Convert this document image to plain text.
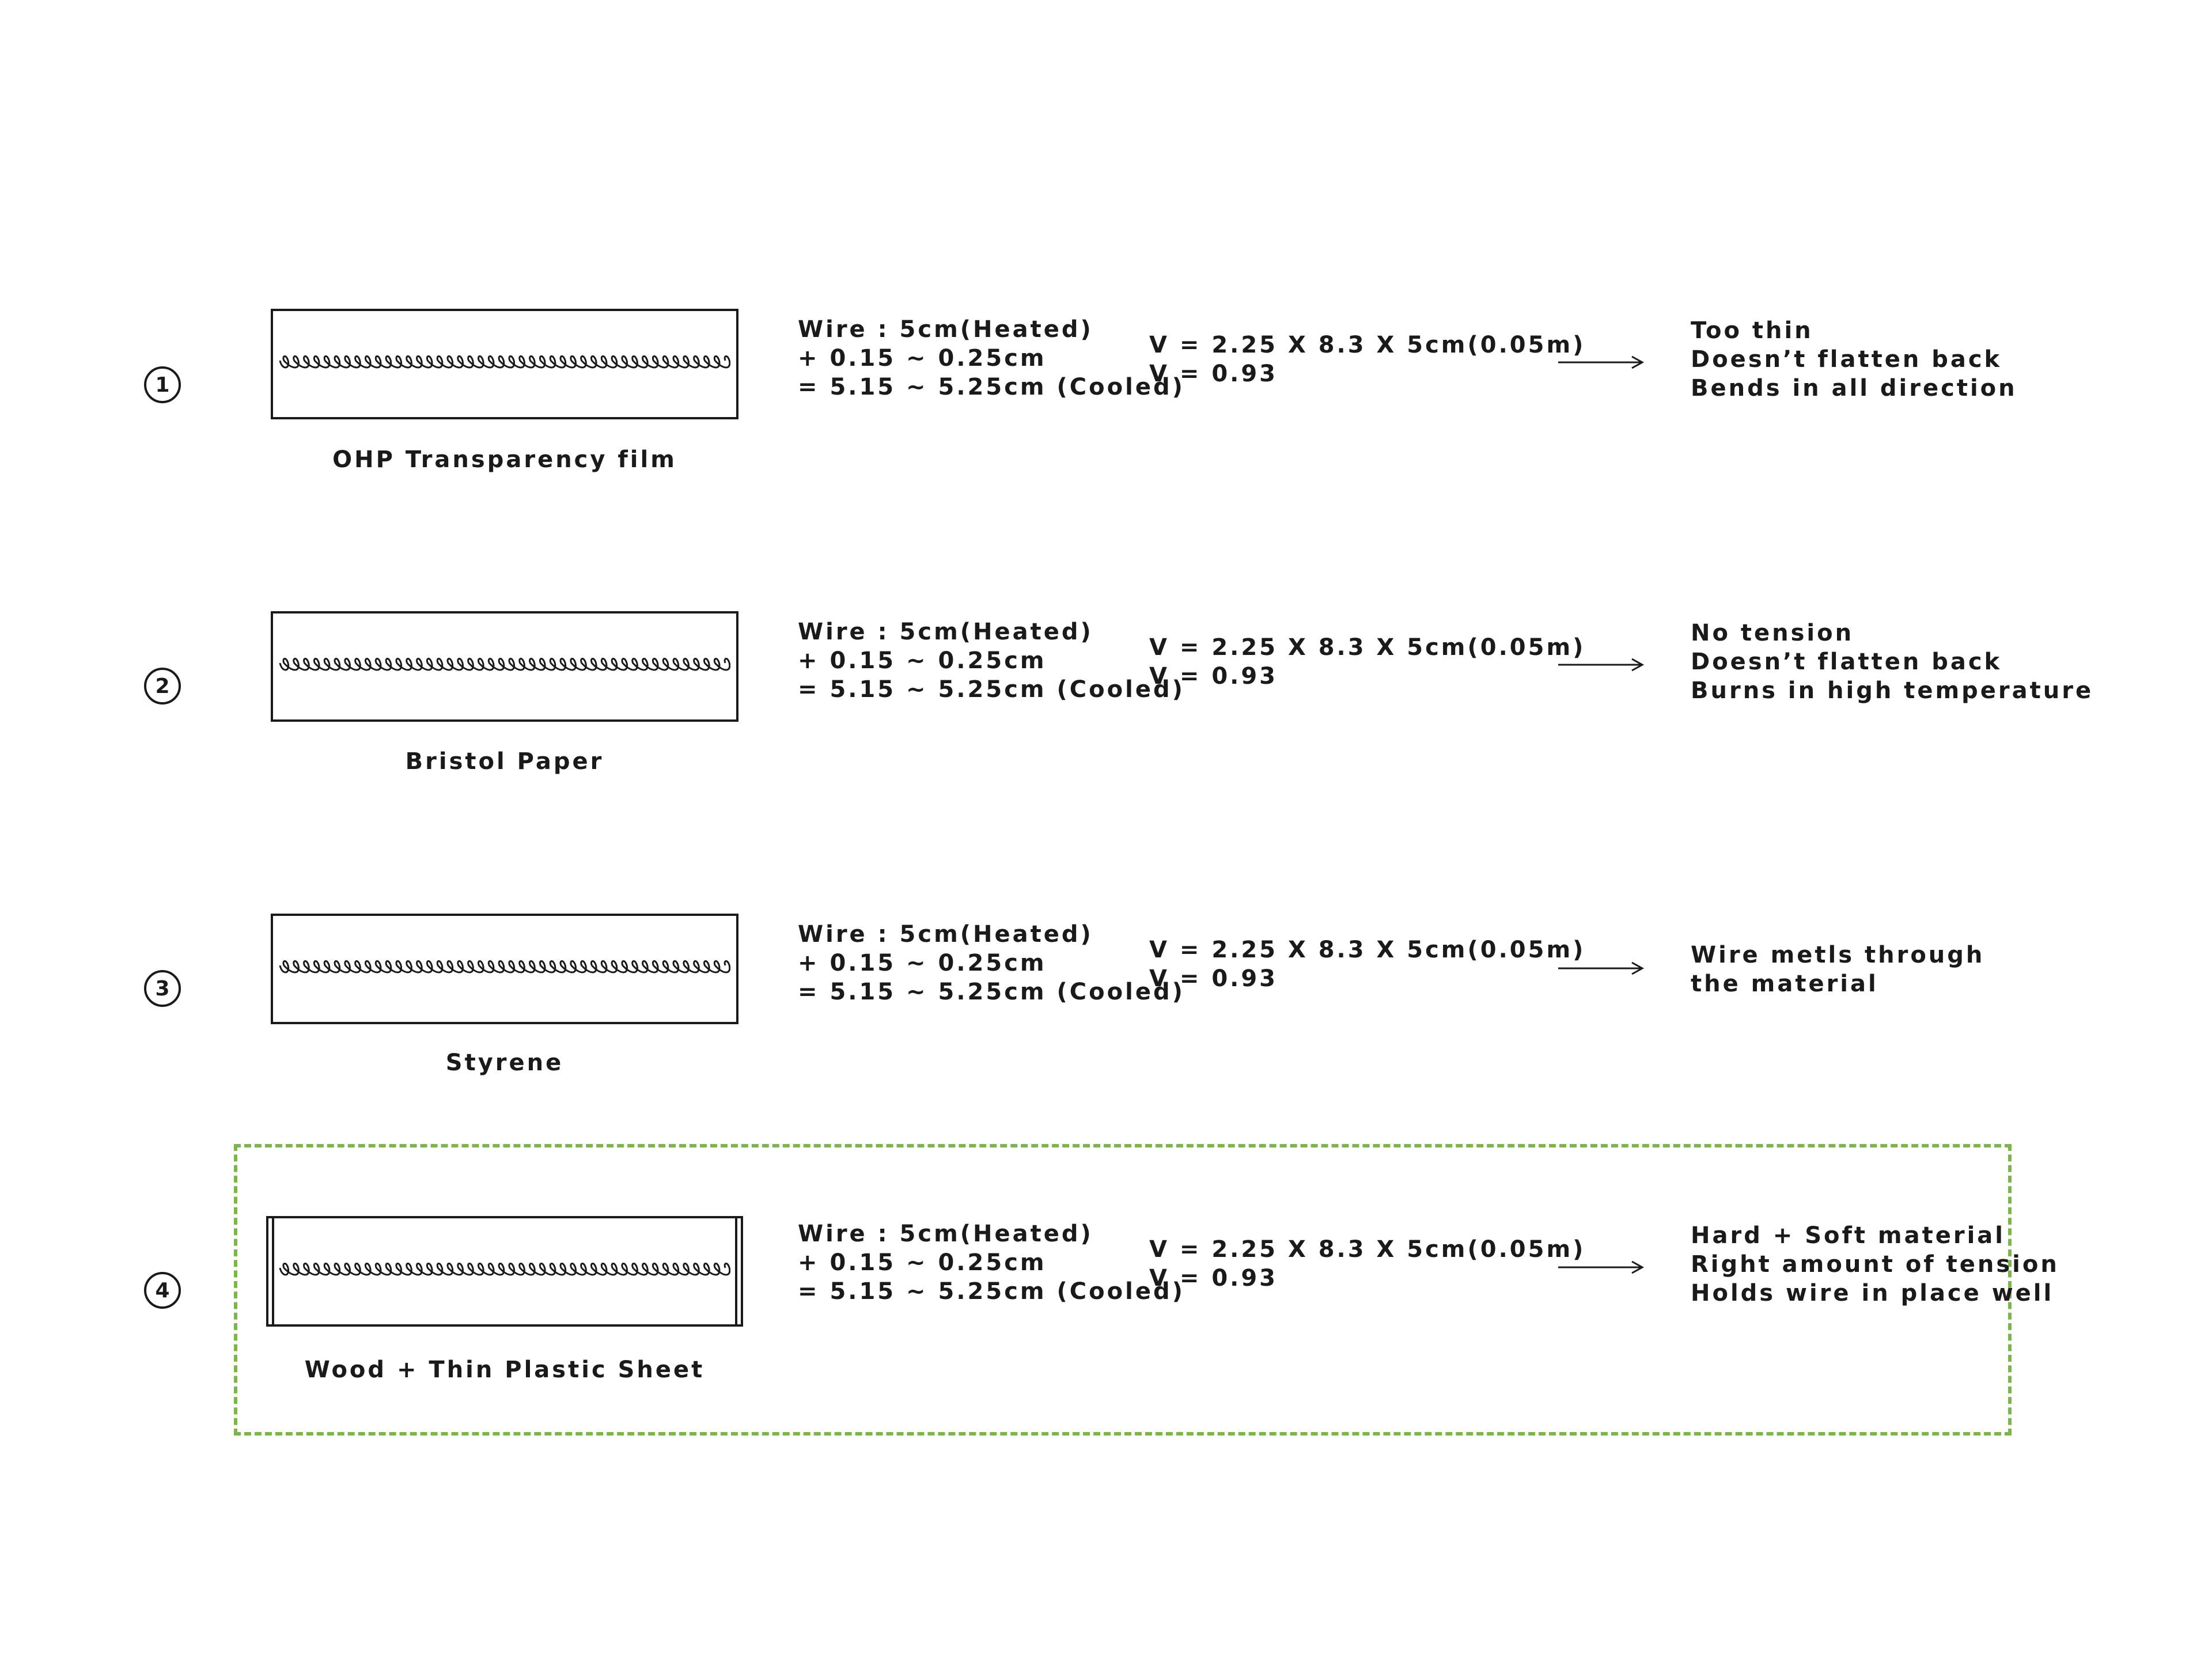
1
OHP Transparency film
Wire : 5cm(Heated)
+ 0.15 ~ 0.25cm
= 5.15 ~ 5.25cm (Cooled)
V = 2.25 X 8.3 X 5cm(0.05m)
V = 0.93
Too thin
Doesn’t flatten back
Bends in all direction
2
Bristol Paper
Wire : 5cm(Heated)
+ 0.15 ~ 0.25cm
= 5.15 ~ 5.25cm (Cooled)
V = 2.25 X 8.3 X 5cm(0.05m)
V = 0.93
No tension
Doesn’t flatten back
Burns in high temperature
3
Styrene
Wire : 5cm(Heated)
+ 0.15 ~ 0.25cm
= 5.15 ~ 5.25cm (Cooled)
V = 2.25 X 8.3 X 5cm(0.05m)
V = 0.93
Wire metls through
the material
4
Wood + Thin Plastic Sheet
Wire : 5cm(Heated)
+ 0.15 ~ 0.25cm
= 5.15 ~ 5.25cm (Cooled)
V = 2.25 X 8.3 X 5cm(0.05m)
V = 0.93
Hard + Soft material
Right amount of tension
Holds wire in place well
